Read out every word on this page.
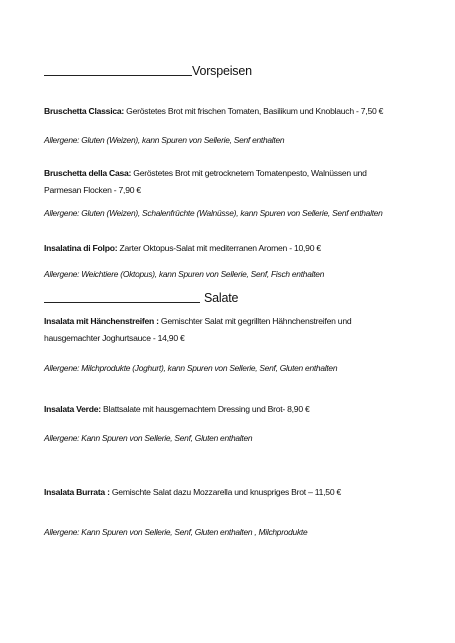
Vorspeisen
Bruschetta Classica: Geröstetes Brot mit frischen Tomaten, Basilikum und Knoblauch - 7,50 €
Allergene: Gluten (Weizen), kann Spuren von Sellerie, Senf enthalten
Bruschetta della Casa: Geröstetes Brot mit getrocknetem Tomatenpesto, Walnüssen und Parmesan Flocken - 7,90 €
Allergene: Gluten (Weizen), Schalenfrüchte (Walnüsse), kann Spuren von Sellerie, Senf enthalten
Insalatina di Folpo: Zarter Oktopus-Salat mit mediterranen Aromen - 10,90 €
Allergene: Weichtiere (Oktopus), kann Spuren von Sellerie, Senf, Fisch enthalten
Salate
Insalata mit Hänchenstreifen : Gemischter Salat mit gegrillten Hähnchenstreifen und hausgemachter Joghurtsauce - 14,90 €
Allergene: Milchprodukte (Joghurt), kann Spuren von Sellerie, Senf, Gluten enthalten
Insalata Verde: Blattsalate mit hausgemachtem Dressing und Brot- 8,90 €
Allergene: Kann Spuren von Sellerie, Senf, Gluten enthalten
Insalata Burrata : Gemischte Salat dazu Mozzarella und knuspriges Brot – 11,50 €
Allergene: Kann Spuren von Sellerie, Senf, Gluten enthalten , Milchprodukte
